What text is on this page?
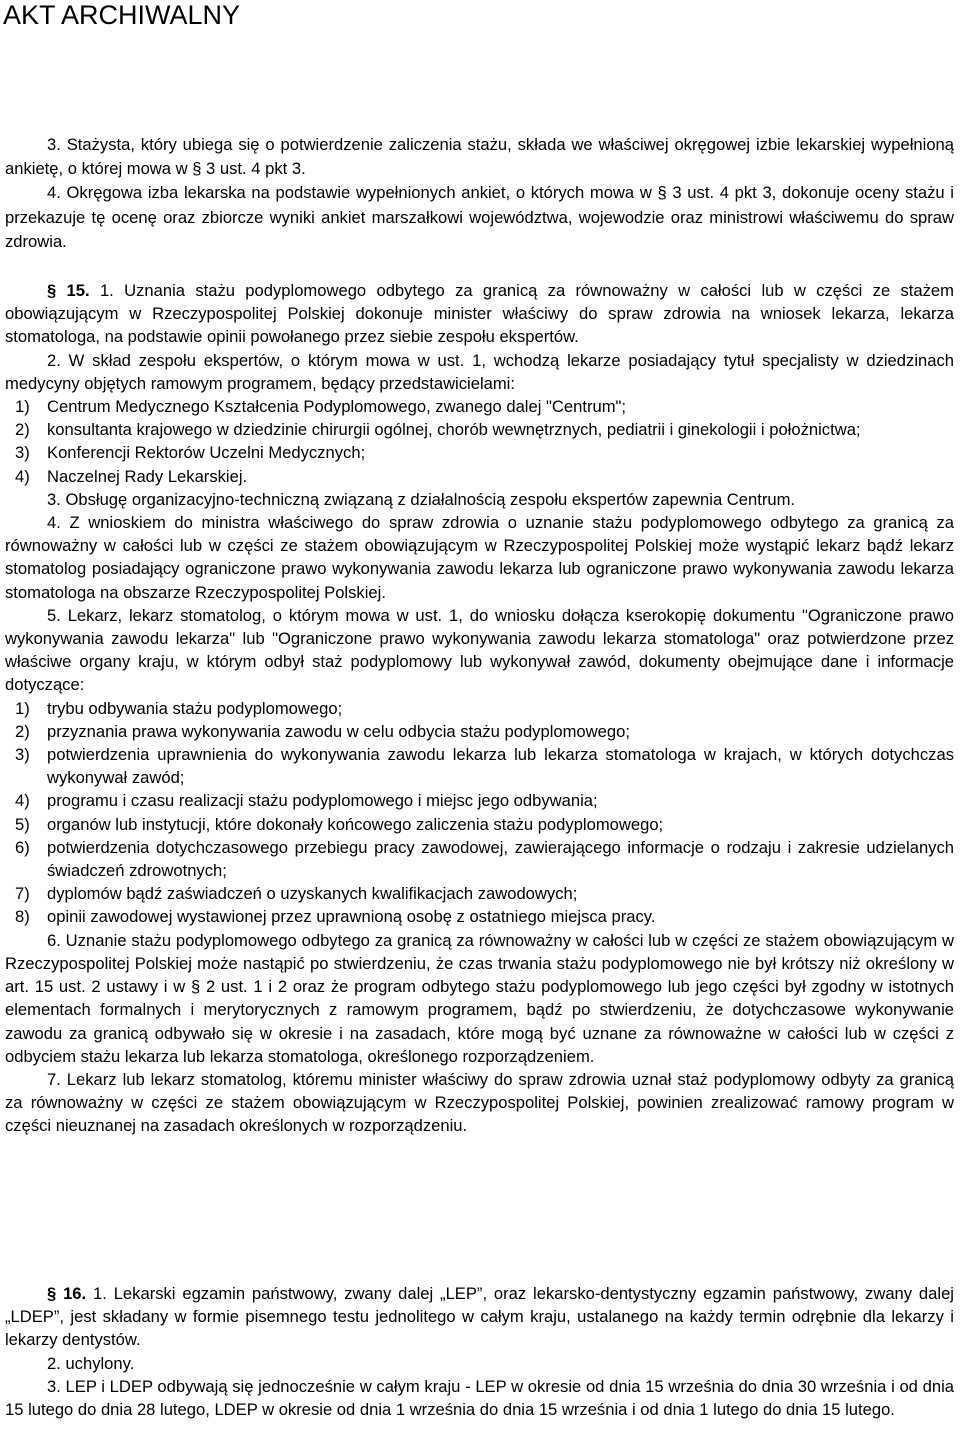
AKT ARCHIWALNY

3. Stażysta, który ubiega się o potwierdzenie zaliczenia stażu, składa we właściwej okręgowej izbie lekarskiej wypełnioną ankietę, o której mowa w § 3 ust. 4 pkt 3.

4. Okręgowa izba lekarska na podstawie wypełnionych ankiet, o których mowa w § 3 ust. 4 pkt 3, dokonuje oceny stażu i przekazuje tę ocenę oraz zbiorcze wyniki ankiet marszałkowi województwa, wojewodzie oraz ministrowi właściwemu do spraw zdrowia.

§ 15. 1. Uznania stażu podyplomowego odbytego za granicą za równoważny w całości lub w części ze stażem obowiązującym w Rzeczypospolitej Polskiej dokonuje minister właściwy do spraw zdrowia na wniosek lekarza, lekarza stomatologa, na podstawie opinii powołanego przez siebie zespołu ekspertów.

2. W skład zespołu ekspertów, o którym mowa w ust. 1, wchodzą lekarze posiadający tytuł specjalisty w dziedzinach medycyny objętych ramowym programem, będący przedstawicielami:

1)	Centrum Medycznego Kształcenia Podyplomowego, zwanego dalej "Centrum";
2)	konsultanta krajowego w dziedzinie chirurgii ogólnej, chorób wewnętrznych, pediatrii i ginekologii i położnictwa;
3)	Konferencji Rektorów Uczelni Medycznych;
4)	Naczelnej Rady Lekarskiej.

3. Obsługę organizacyjno-techniczną związaną z działalnością zespołu ekspertów zapewnia Centrum.

4. Z wnioskiem do ministra właściwego do spraw zdrowia o uznanie stażu podyplomowego odbytego za granicą za równoważny w całości lub w części ze stażem obowiązującym w Rzeczypospolitej Polskiej może wystąpić lekarz bądź lekarz stomatolog posiadający ograniczone prawo wykonywania zawodu lekarza lub ograniczone prawo wykonywania zawodu lekarza stomatologa na obszarze Rzeczypospolitej Polskiej.

5. Lekarz, lekarz stomatolog, o którym mowa w ust. 1, do wniosku dołącza kserokopię dokumentu "Ograniczone prawo wykonywania zawodu lekarza" lub "Ograniczone prawo wykonywania zawodu lekarza stomatologa" oraz potwierdzone przez właściwe organy kraju, w którym odbył staż podyplomowy lub wykonywał zawód, dokumenty obejmujące dane i informacje dotyczące:

1)	trybu odbywania stażu podyplomowego;
2)	przyznania prawa wykonywania zawodu w celu odbycia stażu podyplomowego;
3)	potwierdzenia uprawnienia do wykonywania zawodu lekarza lub lekarza stomatologa w krajach, w których dotychczas wykonywał zawód;
4)	programu i czasu realizacji stażu podyplomowego i miejsc jego odbywania;
5)	organów lub instytucji, które dokonały końcowego zaliczenia stażu podyplomowego;
6)	potwierdzenia dotychczasowego przebiegu pracy zawodowej, zawierającego informacje o rodzaju i zakresie udzielanych świadczeń zdrowotnych;
7)	dyplomów bądź zaświadczeń o uzyskanych kwalifikacjach zawodowych;
8)	opinii zawodowej wystawionej przez uprawnioną osobę z ostatniego miejsca pracy.

6. Uznanie stażu podyplomowego odbytego za granicą za równoważny w całości lub w części ze stażem obowiązującym w Rzeczypospolitej Polskiej może nastąpić po stwierdzeniu, że czas trwania stażu podyplomowego nie był krótszy niż określony w art. 15 ust. 2 ustawy i w § 2 ust. 1 i 2 oraz że program odbytego stażu podyplomowego lub jego części był zgodny w istotnych elementach formalnych i merytorycznych z ramowym programem, bądź po stwierdzeniu, że dotychczasowe wykonywanie zawodu za granicą odbywało się w okresie i na zasadach, które mogą być uznane za równoważne w całości lub w części z odbyciem stażu lekarza lub lekarza stomatologa, określonego rozporządzeniem.

7. Lekarz lub lekarz stomatolog, któremu minister właściwy do spraw zdrowia uznał staż podyplomowy odbyty za granicą za równoważny w części ze stażem obowiązującym w Rzeczypospolitej Polskiej, powinien zrealizować ramowy program w części nieuznanej na zasadach określonych w rozporządzeniu.

§ 16. 1. Lekarski egzamin państwowy, zwany dalej „LEP”, oraz lekarsko-dentystyczny egzamin państwowy, zwany dalej „LDEP”, jest składany w formie pisemnego testu jednolitego w całym kraju, ustalanego na każdy termin odrębnie dla lekarzy i lekarzy dentystów.

2. uchylony.

3. LEP i LDEP odbywają się jednocześnie w całym kraju - LEP w okresie od dnia 15 września do dnia 30 września i od dnia 15 lutego do dnia 28 lutego, LDEP w okresie od dnia 1 września do dnia 15 września i od dnia 1 lutego do dnia 15 lutego.
